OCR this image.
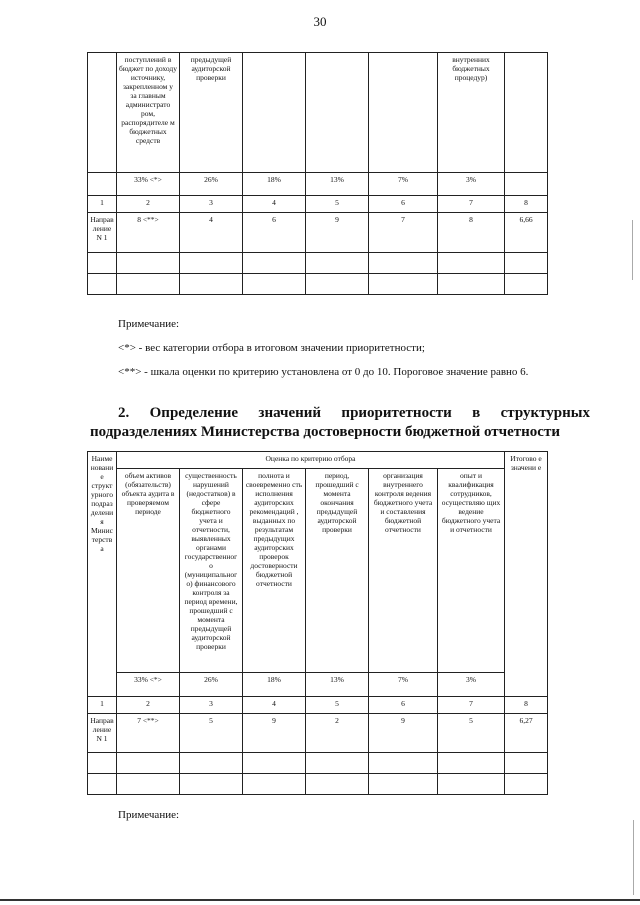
30
	поступлений в бюджет по доходу источнику, закрепленном у за главным администрато ром, распорядителе м бюджетных средств	предыдущей аудиторской проверки				внутренних бюджетных процедур)	
	33% <*>	26%	18%	13%	7%	3%	
1	2	3	4	5	6	7	8
Направ ление N 1	8 <**>	4	6	9	7	8	6,66

Примечание:
<*> - вес категории отбора в итоговом значении приоритетности;
<**> - шкала оценки по критерию установлена от 0 до 10. Пороговое значение равно 6.
2. Определение значений приоритетности в структурных
подразделениях Министерства достоверности бюджетной отчетности
Наиме новани е структ урного подраз делени я Минис терств а	Оценка по критерию отбора						Итогово е значени е
	объем активов (обязательств) объекта аудита в проверяемом периоде	существенность нарушений (недостатков) в сфере бюджетного учета и отчетности, выявленных органами государственног о (муниципальног о) финансового контроля за период времени, прошедший с момента предыдущей аудиторской проверки	полнота и своевременно сть исполнения аудиторских рекомендаций , выданных по результатам предыдущих аудиторских проверок достоверности бюджетной отчетности	период, прошедший с момента окончания предыдущей аудиторской проверки	организация внутреннего контроля ведения бюджетного учета и составления бюджетной отчетности	опыт и квалификация сотрудников, осуществляю щих ведение бюджетного учета и отчетности	
	33% <*>	26%	18%	13%	7%	3%	
1	2	3	4	5	6	7	8
Направ ление N 1	7 <**>	5	9	2	9	5	6,27

Примечание:
